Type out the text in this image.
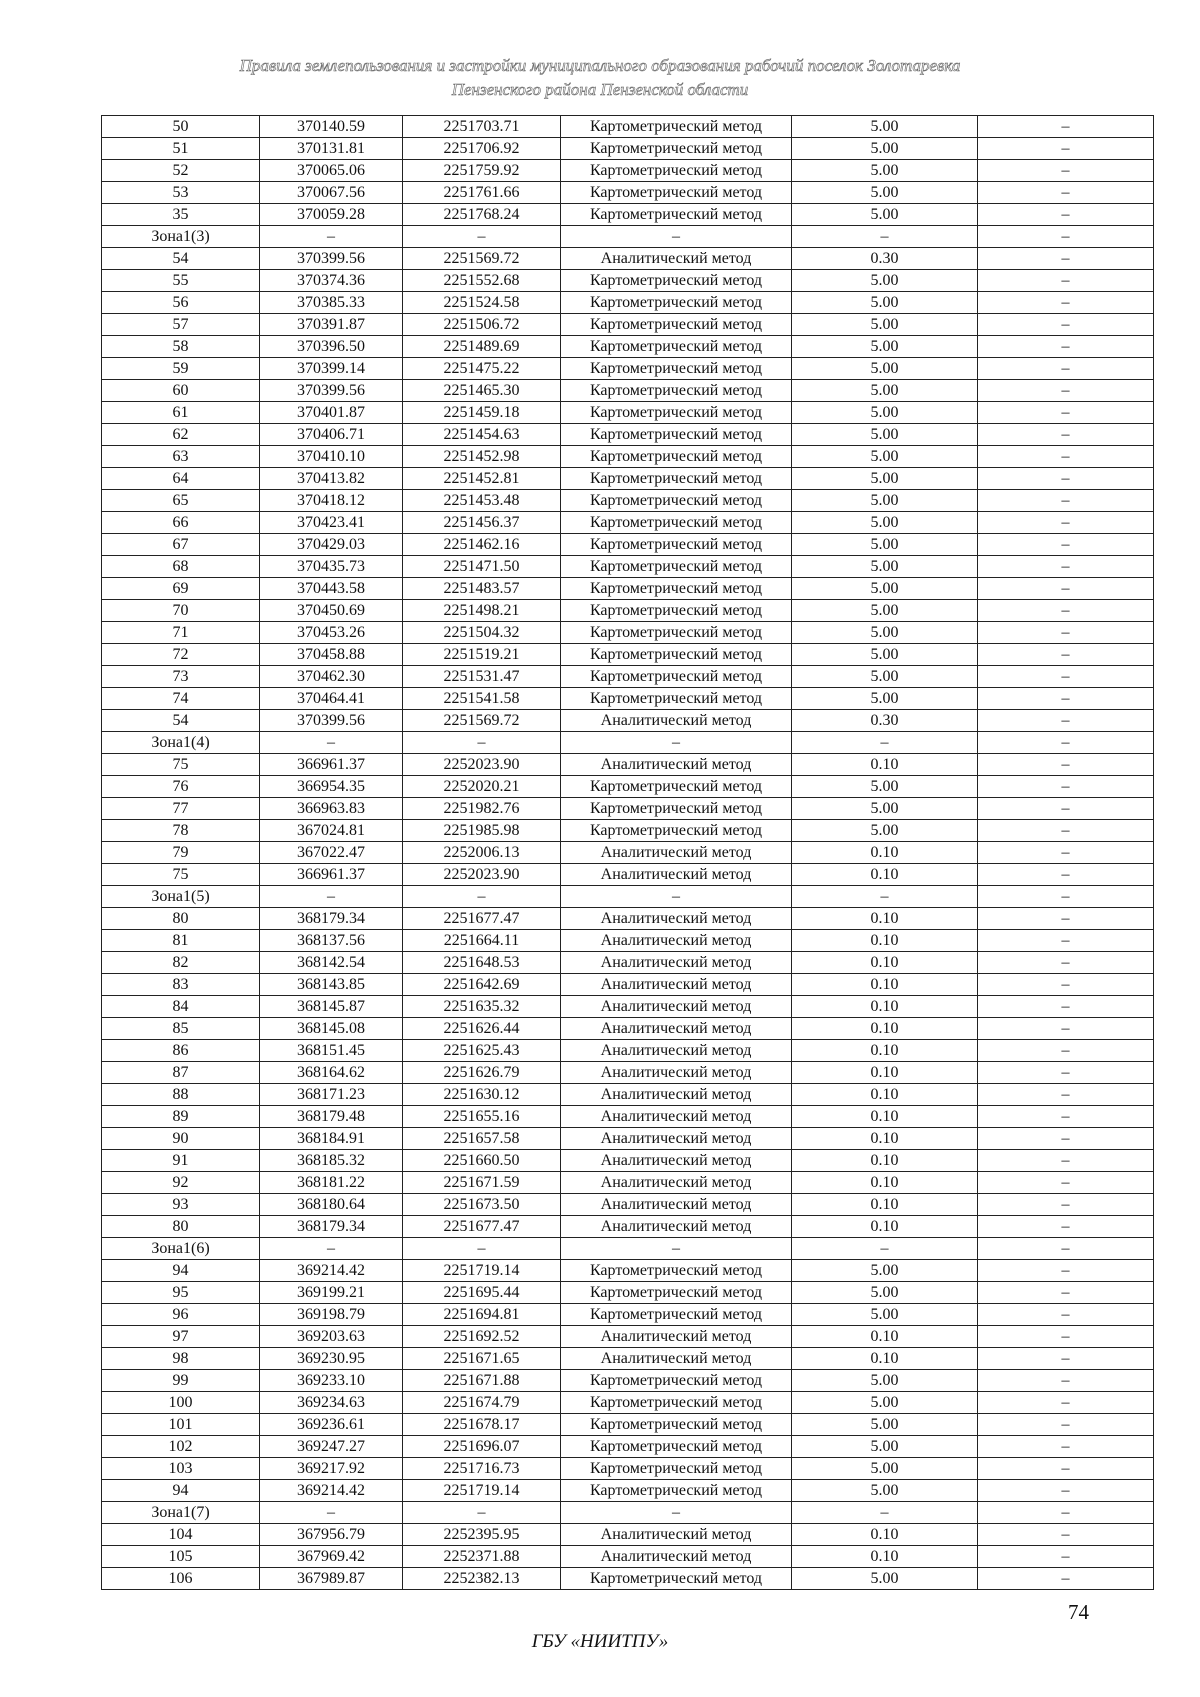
Правила землепользования и застройки муниципального образования рабочий поселок Золотаревка
Пензенского района Пензенской области
50	370140.59	2251703.71	Картометрический метод	5.00	–
51	370131.81	2251706.92	Картометрический метод	5.00	–
52	370065.06	2251759.92	Картометрический метод	5.00	–
53	370067.56	2251761.66	Картометрический метод	5.00	–
35	370059.28	2251768.24	Картометрический метод	5.00	–
Зона1(3)	–	–	–	–	–
54	370399.56	2251569.72	Аналитический метод	0.30	–
55	370374.36	2251552.68	Картометрический метод	5.00	–
56	370385.33	2251524.58	Картометрический метод	5.00	–
57	370391.87	2251506.72	Картометрический метод	5.00	–
58	370396.50	2251489.69	Картометрический метод	5.00	–
59	370399.14	2251475.22	Картометрический метод	5.00	–
60	370399.56	2251465.30	Картометрический метод	5.00	–
61	370401.87	2251459.18	Картометрический метод	5.00	–
62	370406.71	2251454.63	Картометрический метод	5.00	–
63	370410.10	2251452.98	Картометрический метод	5.00	–
64	370413.82	2251452.81	Картометрический метод	5.00	–
65	370418.12	2251453.48	Картометрический метод	5.00	–
66	370423.41	2251456.37	Картометрический метод	5.00	–
67	370429.03	2251462.16	Картометрический метод	5.00	–
68	370435.73	2251471.50	Картометрический метод	5.00	–
69	370443.58	2251483.57	Картометрический метод	5.00	–
70	370450.69	2251498.21	Картометрический метод	5.00	–
71	370453.26	2251504.32	Картометрический метод	5.00	–
72	370458.88	2251519.21	Картометрический метод	5.00	–
73	370462.30	2251531.47	Картометрический метод	5.00	–
74	370464.41	2251541.58	Картометрический метод	5.00	–
54	370399.56	2251569.72	Аналитический метод	0.30	–
Зона1(4)	–	–	–	–	–
75	366961.37	2252023.90	Аналитический метод	0.10	–
76	366954.35	2252020.21	Картометрический метод	5.00	–
77	366963.83	2251982.76	Картометрический метод	5.00	–
78	367024.81	2251985.98	Картометрический метод	5.00	–
79	367022.47	2252006.13	Аналитический метод	0.10	–
75	366961.37	2252023.90	Аналитический метод	0.10	–
Зона1(5)	–	–	–	–	–
80	368179.34	2251677.47	Аналитический метод	0.10	–
81	368137.56	2251664.11	Аналитический метод	0.10	–
82	368142.54	2251648.53	Аналитический метод	0.10	–
83	368143.85	2251642.69	Аналитический метод	0.10	–
84	368145.87	2251635.32	Аналитический метод	0.10	–
85	368145.08	2251626.44	Аналитический метод	0.10	–
86	368151.45	2251625.43	Аналитический метод	0.10	–
87	368164.62	2251626.79	Аналитический метод	0.10	–
88	368171.23	2251630.12	Аналитический метод	0.10	–
89	368179.48	2251655.16	Аналитический метод	0.10	–
90	368184.91	2251657.58	Аналитический метод	0.10	–
91	368185.32	2251660.50	Аналитический метод	0.10	–
92	368181.22	2251671.59	Аналитический метод	0.10	–
93	368180.64	2251673.50	Аналитический метод	0.10	–
80	368179.34	2251677.47	Аналитический метод	0.10	–
Зона1(6)	–	–	–	–	–
94	369214.42	2251719.14	Картометрический метод	5.00	–
95	369199.21	2251695.44	Картометрический метод	5.00	–
96	369198.79	2251694.81	Картометрический метод	5.00	–
97	369203.63	2251692.52	Аналитический метод	0.10	–
98	369230.95	2251671.65	Аналитический метод	0.10	–
99	369233.10	2251671.88	Картометрический метод	5.00	–
100	369234.63	2251674.79	Картометрический метод	5.00	–
101	369236.61	2251678.17	Картометрический метод	5.00	–
102	369247.27	2251696.07	Картометрический метод	5.00	–
103	369217.92	2251716.73	Картометрический метод	5.00	–
94	369214.42	2251719.14	Картометрический метод	5.00	–
Зона1(7)	–	–	–	–	–
104	367956.79	2252395.95	Аналитический метод	0.10	–
105	367969.42	2252371.88	Аналитический метод	0.10	–
106	367989.87	2252382.13	Картометрический метод	5.00	–
74
ГБУ «НИИТПУ»
